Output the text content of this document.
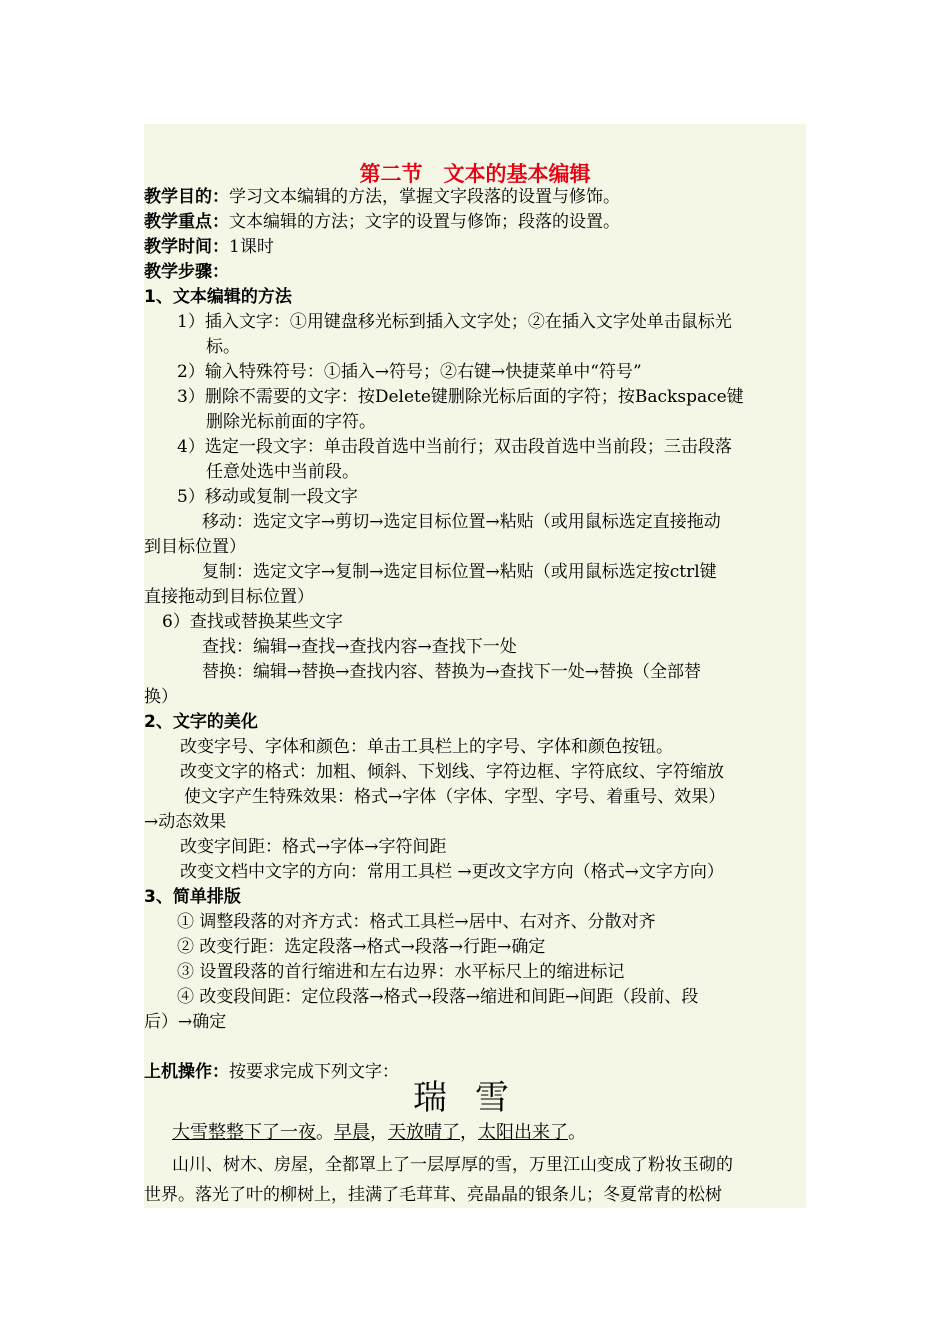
第二节　文本的基本编辑
教学目的：学习文本编辑的方法，掌握文字段落的设置与修饰。
教学重点：文本编辑的方法；文字的设置与修饰；段落的设置。
教学时间：1课时
教学步骤：
1、文本编辑的方法
1）插入文字：①用键盘移光标到插入文字处；②在插入文字处单击鼠标光
标。
2）输入特殊符号：①插入→符号；②右键→快捷菜单中“符号”
3）删除不需要的文字：按Delete键删除光标后面的字符；按Backspace键
删除光标前面的字符。
4）选定一段文字：单击段首选中当前行；双击段首选中当前段；三击段落
任意处选中当前段。
5）移动或复制一段文字
移动：选定文字→剪切→选定目标位置→粘贴（或用鼠标选定直接拖动
到目标位置）
复制：选定文字→复制→选定目标位置→粘贴（或用鼠标选定按ctrl键
直接拖动到目标位置）
6）查找或替换某些文字
查找：编辑→查找→查找内容→查找下一处
替换：编辑→替换→查找内容、替换为→查找下一处→替换（全部替
换）
2、文字的美化
改变字号、字体和颜色：单击工具栏上的字号、字体和颜色按钮。
改变文字的格式：加粗、倾斜、下划线、字符边框、字符底纹、字符缩放
使文字产生特殊效果：格式→字体（字体、字型、字号、着重号、效果）
→动态效果
改变字间距：格式→字体→字符间距
改变文档中文字的方向：常用工具栏 →更改文字方向（格式→文字方向）
3、简单排版
① 调整段落的对齐方式：格式工具栏→居中、右对齐、分散对齐
② 改变行距：选定段落→格式→段落→行距→确定
③ 设置段落的首行缩进和左右边界：水平标尺上的缩进标记
④ 改变段间距：定位段落→格式→段落→缩进和间距→间距（段前、段
后）→确定
上机操作：按要求完成下列文字：
瑞雪
大雪整整下了一夜。早晨，天放晴了，太阳出来了。
山川、树木、房屋，全都罩上了一层厚厚的雪，万里江山变成了粉妆玉砌的
世界。落光了叶的柳树上，挂满了毛茸茸、亮晶晶的银条儿；冬夏常青的松树
